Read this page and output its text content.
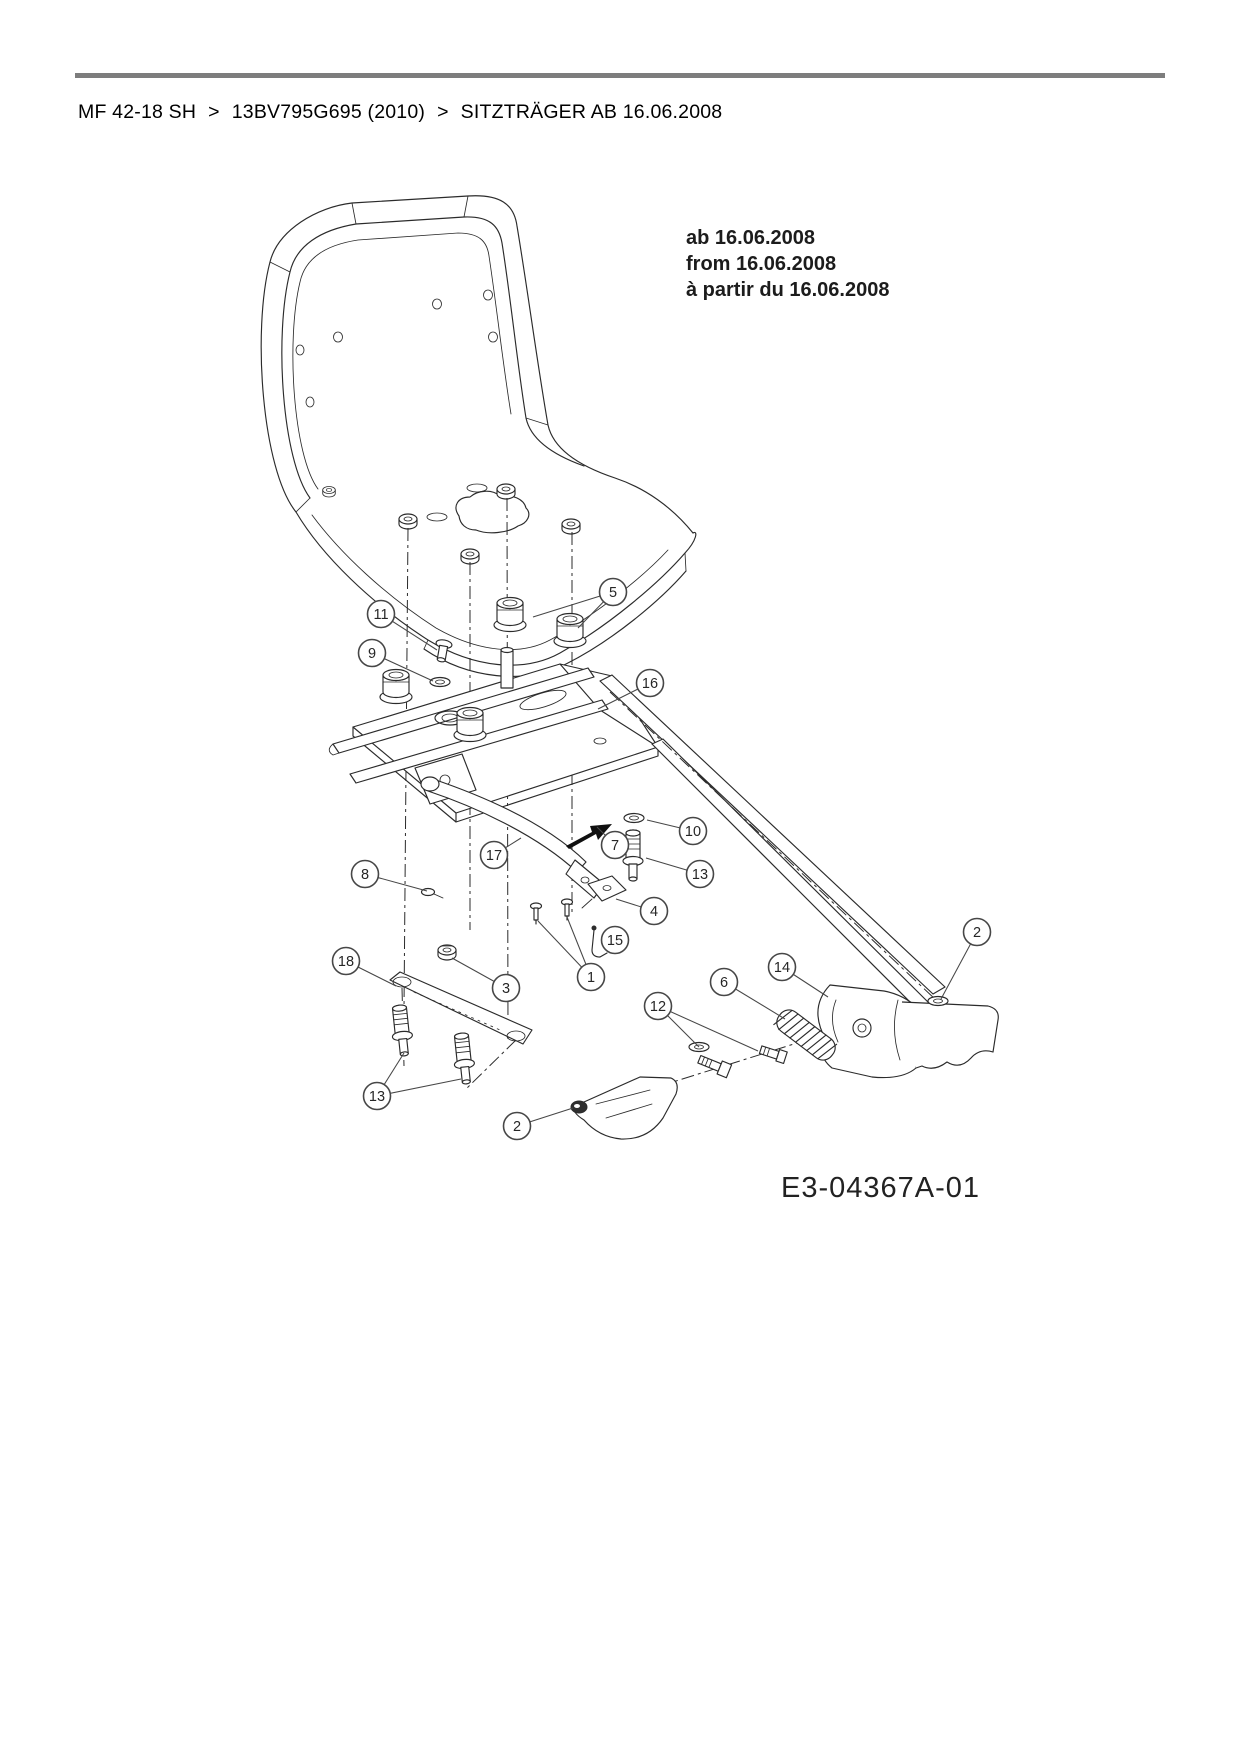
MF 42-18 SH > 13BV795G695 (2010) > SITZTRÄGER AB 16.06.2008
ab 16.06.2008
from 16.06.2008
à partir du 16.06.2008
E3-04367A-01
11
9
5
16
17
7
10
13
8
4
15
1
3
18
13
2
12
6
14
2
